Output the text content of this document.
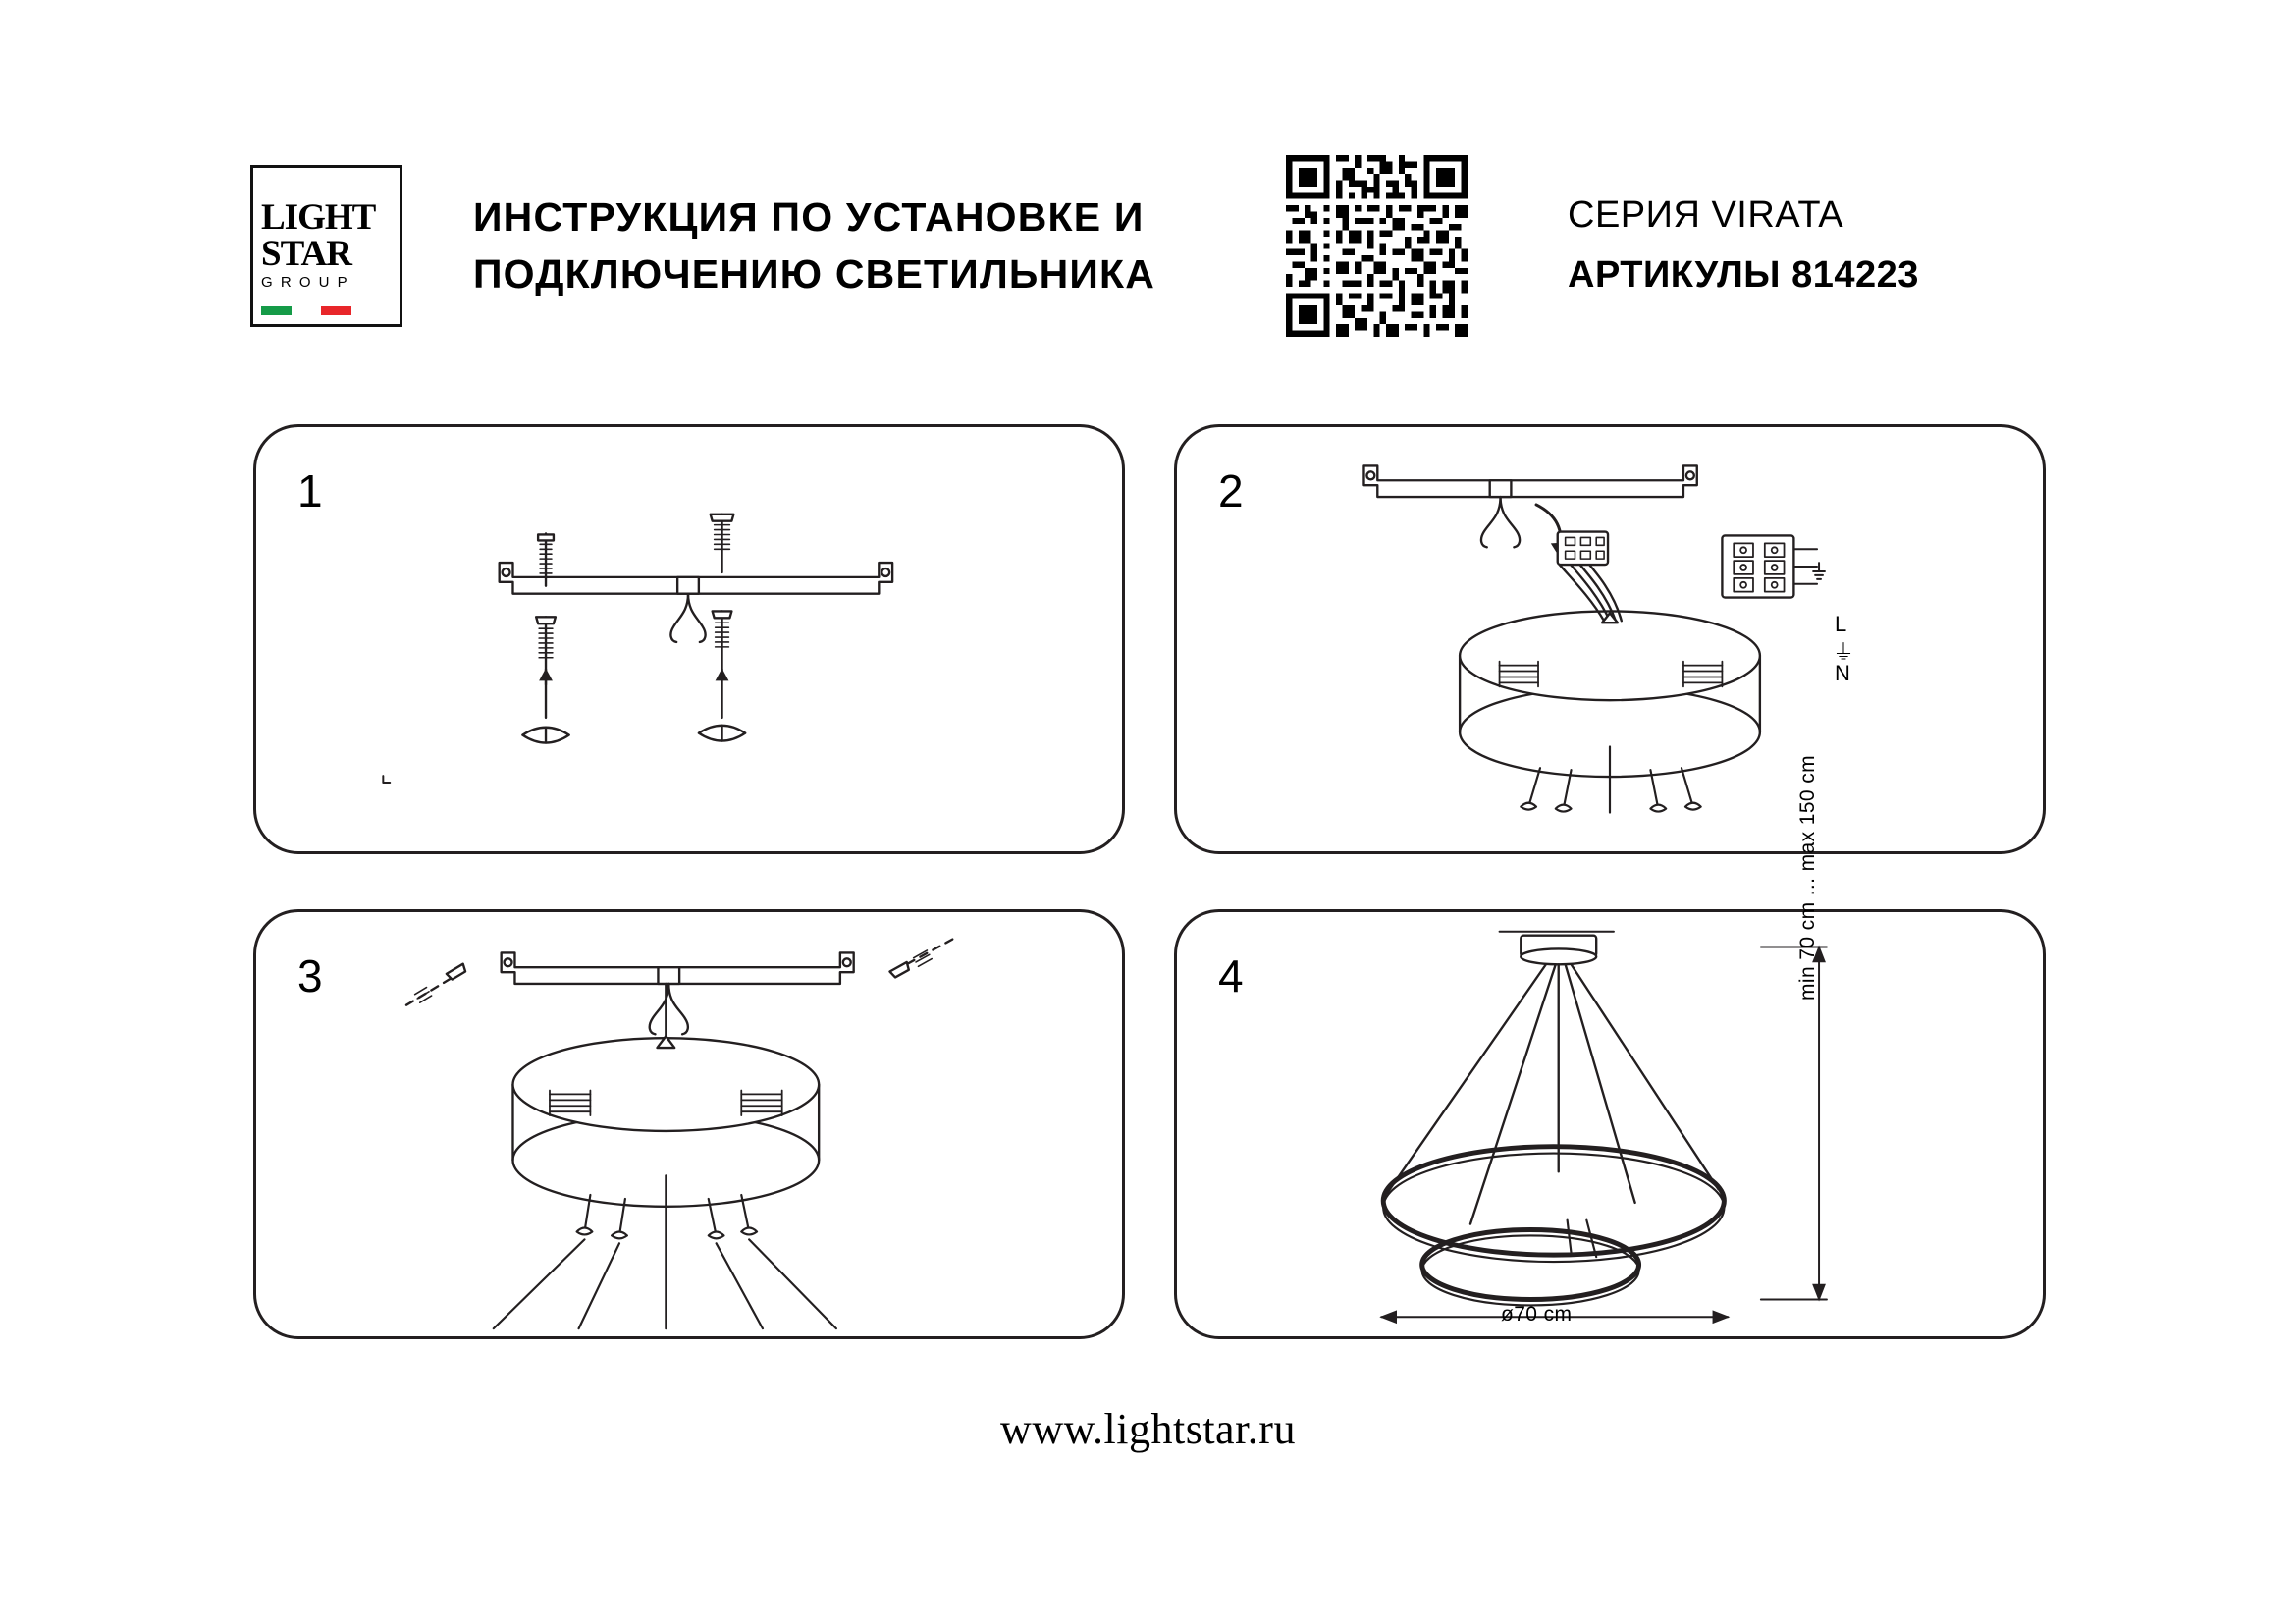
LIGHT
STAR
G R O U P
ИНСТРУКЦИЯ ПО УСТАНОВКЕ И
ПОДКЛЮЧЕНИЮ СВЕТИЛЬНИКА
СЕРИЯ VIRATA
АРТИКУЛЫ 814223
1	2
L
⏚
N
3	4	min 70 cm ... max 150 cm
ø70 cm
www.lightstar.ru
